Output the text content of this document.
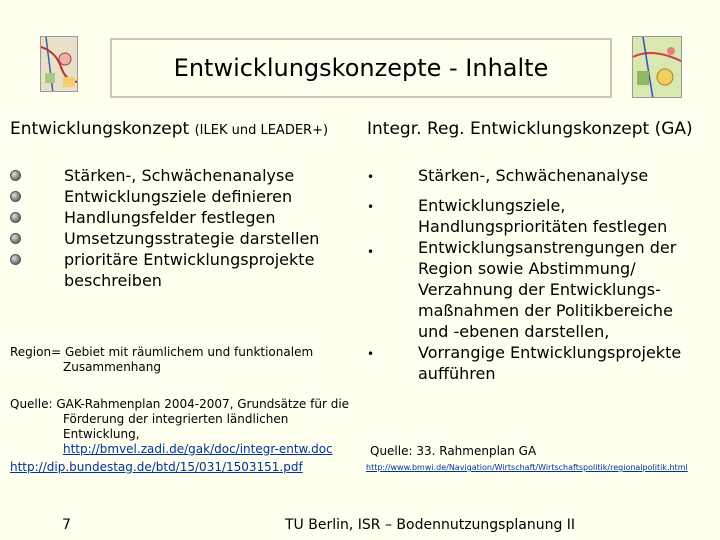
Entwicklungskonzepte - Inhalte
Entwicklungskonzept (ILEK und LEADER+) Integr. Reg. Entwicklungskonzept (GA)
Stärken-, Schwächenanalyse
Entwicklungsziele definieren
Handlungsfelder festlegen
Umsetzungsstrategie darstellen
prioritäre Entwicklungsprojekte beschreiben
Region= Gebiet mit räumlichem und funktionalem
Zusammenhang
Quelle: GAK-Rahmenplan 2004-2007, Grundsätze für die
Förderung der integrierten ländlichen
Entwicklung,
http://bmvel.zadi.de/gak/doc/integr-entw.doc
http://dip.bundestag.de/btd/15/031/1503151.pdf
•	Stärken-, Schwächenanalyse
•	Entwicklungsziele,
Handlungsprioritäten festlegen
•	Entwicklungsanstrengungen der
Region sowie Abstimmung/
Verzahnung der Entwicklungs-
maßnahmen der Politikbereiche
und -ebenen darstellen,
•	Vorrangige Entwicklungsprojekte
aufführen
Quelle: 33. Rahmenplan GA
http://www.bmwi.de/Navigation/Wirtschaft/Wirtschaftspolitik/regionalpolitik.html
7	TU Berlin, ISR – Bodennutzungsplanung II
